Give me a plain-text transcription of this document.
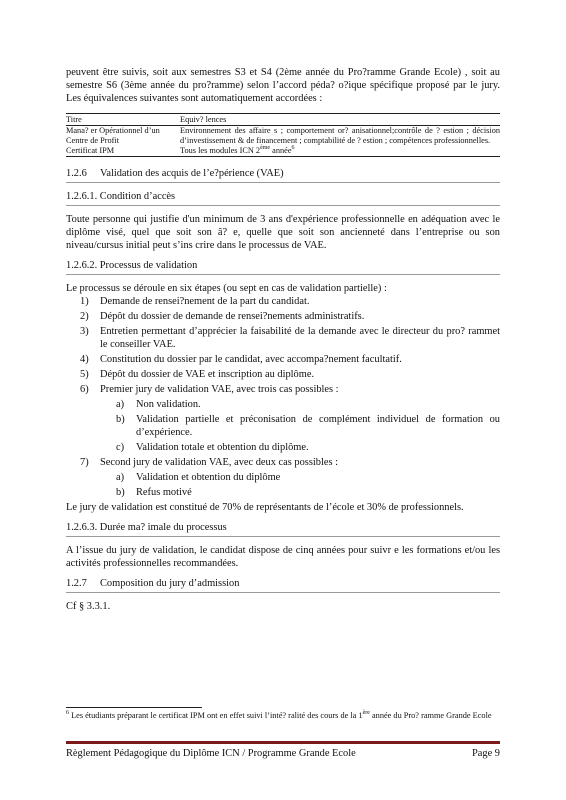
peuvent être suivis, soit aux semestres S3 et S4 (2ème année du Pro?ramme Grande Ecole) , soit au semestre S6 (3ème année du pro?ramme) selon l’accord péda? o?ique spécifique proposé par le jury. Les équivalences suivantes sont automatiquement accordées :

Titre	Equiv? lences
Mana? er Opérationnel d’un Centre de Profit	Environnement des affaire s ; comportement or? anisationnel;contrôle de ? estion ; décision d’investissement & de financement ; comptabilité de ? estion ; compétences professionnelles.
Certificat IPM	Tous les modules ICN 2ème année$^6$
1.2.6 Validation des acquis de l’e?périence (VAE)
1.2.6.1. Condition d’accès

Toute personne qui justifie d'un minimum de 3 ans d'expérience professionnelle en adéquation avec le diplôme visé, quel que soit son â? e, quelle que soit son ancienneté dans l’entreprise ou son niveau/cursus initial peut s’ins crire dans le processus de VAE.

1.2.6.2. Processus de validation

Le processus se déroule en six étapes (ou sept en cas de validation partielle) :

1) Demande de rensei?nement de la part du candidat.
2) Dépôt du dossier de demande de rensei?nements administratifs.
3) Entretien permettant d’apprécier la faisabilité de la demande avec le directeur du pro? rammet le conseiller VAE.
4) Constitution du dossier par le candidat, avec accompa?nement facultatif.
5) Dépôt du dossier de VAE et inscription au diplôme.
6) Premier jury de validation VAE, avec trois cas possibles :
a) Non validation.
b) Validation partielle et préconisation de complément individuel de formation ou d’expérience.
c) Validation totale et obtention du diplôme.
7) Second jury de validation VAE, avec deux cas possibles :
a) Validation et obtention du diplôme
b) Refus motivé

Le jury de validation est constitué de 70% de représentants de l’école et 30% de professionnels.

1.2.6.3. Durée ma? imale du processus

A l’issue du jury de validation, le candidat dispose de cinq années pour suivr e les formations et/ou les activités professionnelles recommandées.

1.2.7 Composition du jury d’admission

Cf § 3.3.1.

$^6$ Les étudiants préparant le certificat IPM ont en effet suivi l’inté? ralité des cours de la 1ère année du Pro? ramme Grande Ecole

Règlement Pédagogique du Diplôme ICN / Programme Grande Ecole	Page 9
